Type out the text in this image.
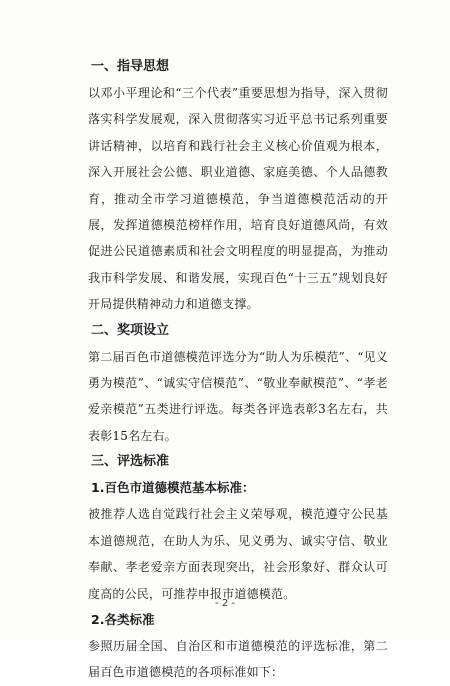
一、指导思想

以邓小平理论和“三个代表”重要思想为指导，深入贯彻落实科学发展观，深入贯彻落实习近平总书记系列重要讲话精神，以培育和践行社会主义核心价值观为根本，深入开展社会公德、职业道德、家庭美德、个人品德教育，推动全市学习道德模范，争当道德模范活动的开展，发挥道德模范榜样作用，培育良好道德风尚，有效促进公民道德素质和社会文明程度的明显提高，为推动我市科学发展、和谐发展，实现百色“十三五”规划良好开局提供精神动力和道德支撑。

二、奖项设立

第二届百色市道德模范评选分为“助人为乐模范”、“见义勇为模范”、“诚实守信模范”、“敬业奉献模范”、“孝老爱亲模范”五类进行评选。每类各评选表彰3名左右，共表彰15名左右。

三、评选标准

1.百色市道德模范基本标准：

被推荐人选自觉践行社会主义荣辱观，模范遵守公民基本道德规范，在助人为乐、见义勇为、诚实守信、敬业奉献、孝老爱亲方面表现突出，社会形象好、群众认可度高的公民，可推荐申报市道德模范。

2.各类标准

参照历届全国、自治区和市道德模范的评选标准，第二届百色市道德模范的各项标准如下：

- 2 -
